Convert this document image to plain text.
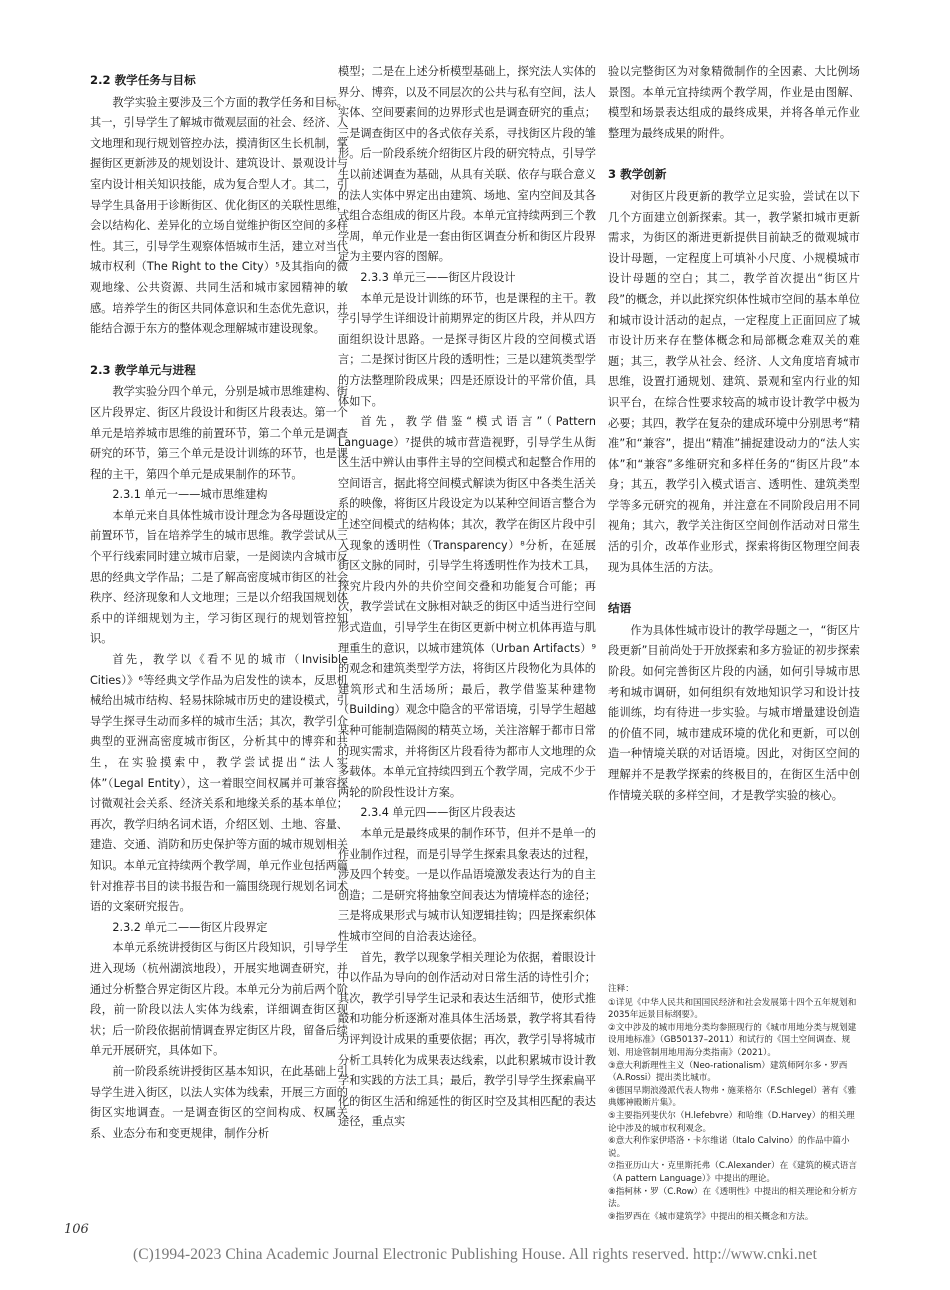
2.2 教学任务与目标

教学实验主要涉及三个方面的教学任务和目标。其一，引导学生了解城市微观层面的社会、经济、人文地理和现行规划管控办法，摸清街区生长机制，掌握街区更新涉及的规划设计、建筑设计、景观设计与室内设计相关知识技能，成为复合型人才。其二，引导学生具备用于诊断街区、优化街区的关联性思维，会以结构化、差异化的立场自觉维护街区空间的多样性。其三，引导学生观察体悟城市生活，建立对当代城市权利（The Right to the City）⁵及其指向的微观地缘、公共资源、共同生活和城市家园精神的敏感。培养学生的街区共同体意识和生态优先意识，并能结合源于东方的整体观念理解城市建设现象。

2.3 教学单元与进程

教学实验分四个单元，分别是城市思维建构、街区片段界定、街区片段设计和街区片段表达。第一个单元是培养城市思维的前置环节，第二个单元是调查研究的环节，第三个单元是设计训练的环节，也是课程的主干，第四个单元是成果制作的环节。

2.3.1 单元一——城市思维建构

本单元来自具体性城市设计理念为各母题设定的前置环节，旨在培养学生的城市思维。教学尝试从三个平行线索同时建立城市启蒙，一是阅读内含城市反思的经典文学作品；二是了解高密度城市街区的社会秩序、经济现象和人文地理；三是以介绍我国规划体系中的详细规划为主，学习街区现行的规划管控知识。

首先，教学以《看不见的城市（Invisible Cities）》⁶等经典文学作品为启发性的读本，反思机械给出城市结构、轻易抹除城市历史的建设模式，引导学生探寻生动而多样的城市生活；其次，教学引介典型的亚洲高密度城市街区，分析其中的博弈和共生，在实验摸索中，教学尝试提出“法人实体”（Legal Entity），这一着眼空间权属并可兼容探讨微观社会关系、经济关系和地缘关系的基本单位；再次，教学归纳名词术语，介绍区划、土地、容量、建造、交通、消防和历史保护等方面的城市规划相关知识。本单元宜持续两个教学周，单元作业包括两篇针对推荐书目的读书报告和一篇围绕现行规划名词术语的文案研究报告。

2.3.2 单元二——街区片段界定

本单元系统讲授街区与街区片段知识，引导学生进入现场（杭州湖滨地段），开展实地调查研究，并通过分析整合界定街区片段。本单元分为前后两个阶段，前一阶段以法人实体为线索，详细调查街区现状；后一阶段依据前情调查界定街区片段，留备后续单元开展研究，具体如下。

前一阶段系统讲授街区基本知识，在此基础上引导学生进入街区，以法人实体为线索，开展三方面的街区实地调查。一是调查街区的空间构成、权属关系、业态分布和变更规律，制作分析

模型；二是在上述分析模型基础上，探究法人实体的界分、博弈，以及不同层次的公共与私有空间，法人实体、空间要素间的边界形式也是调查研究的重点；三是调查街区中的各式依存关系，寻找街区片段的雏形。后一阶段系统介绍街区片段的研究特点，引导学生以前述调查为基础，从具有关联、依存与联合意义的法人实体中界定出由建筑、场地、室内空间及其各式组合态组成的街区片段。本单元宜持续两到三个教学周，单元作业是一套由街区调查分析和街区片段界定为主要内容的图解。

2.3.3 单元三——街区片段设计

本单元是设计训练的环节，也是课程的主干。教学引导学生详细设计前期界定的街区片段，并从四方面组织设计思路。一是探寻街区片段的空间模式语言；二是探讨街区片段的透明性；三是以建筑类型学的方法整理阶段成果；四是还原设计的平常价值，具体如下。

首先，教学借鉴“模式语言”（Pattern Language）⁷提供的城市营造视野，引导学生从街区生活中辨认由事件主导的空间模式和起整合作用的空间语言，据此将空间模式解读为街区中各类生活关系的映像，将街区片段设定为以某种空间语言整合为上述空间模式的结构体；其次，教学在街区片段中引入现象的透明性（Transparency）⁸分析，在延展街区文脉的同时，引导学生将透明性作为技术工具，探究片段内外的共价空间交叠和功能复合可能；再次，教学尝试在文脉相对缺乏的街区中适当进行空间形式造血，引导学生在街区更新中树立机体再造与肌理重生的意识，以城市建筑体（Urban Artifacts）⁹的观念和建筑类型学方法，将街区片段物化为具体的建筑形式和生活场所；最后，教学借鉴某种建物（Building）观念中隐含的平常语境，引导学生超越某种可能制造隔阂的精英立场，关注溶解于都市日常的现实需求，并将街区片段看待为都市人文地理的众多载体。本单元宜持续四到五个教学周，完成不少于两轮的阶段性设计方案。

2.3.4 单元四——街区片段表达

本单元是最终成果的制作环节，但并不是单一的作业制作过程，而是引导学生探索具象表达的过程，涉及四个转变。一是以作品语境激发表达行为的自主创造；二是研究将抽象空间表达为情境样态的途径；三是将成果形式与城市认知逻辑挂钩；四是探索织体性城市空间的自洽表达途径。

首先，教学以现象学相关理论为依据，着眼设计中以作品为导向的创作活动对日常生活的诗性引介；其次，教学引导学生记录和表达生活细节，使形式推敲和功能分析逐渐对准具体生活场景，教学将其看待为评判设计成果的重要依据；再次，教学引导将城市分析工具转化为成果表达线索，以此积累城市设计教学和实践的方法工具；最后，教学引导学生探索扁平化的街区生活和绵延性的街区时空及其相匹配的表达途径，重点实

验以完整街区为对象精微制作的全因素、大比例场景图。本单元宜持续两个教学周，作业是由图解、模型和场景表达组成的最终成果，并将各单元作业整理为最终成果的附件。

3 教学创新

对街区片段更新的教学立足实验，尝试在以下几个方面建立创新探索。其一，教学紧扣城市更新需求，为街区的渐进更新提供目前缺乏的微观城市设计母题，一定程度上可填补小尺度、小规模城市设计母题的空白；其二，教学首次提出“街区片段”的概念，并以此探究织体性城市空间的基本单位和城市设计活动的起点，一定程度上正面回应了城市设计历来存在整体概念和局部概念难双关的难题；其三，教学从社会、经济、人文角度培育城市思维，设置打通规划、建筑、景观和室内行业的知识平台，在综合性要求较高的城市设计教学中极为必要；其四，教学在复杂的建成环境中分别思考“精准”和“兼容”，提出“精准”捕捉建设动力的“法人实体”和“兼容”多维研究和多样任务的“街区片段”本身；其五，教学引入模式语言、透明性、建筑类型学等多元研究的视角，并注意在不同阶段启用不同视角；其六，教学关注街区空间创作活动对日常生活的引介，改革作业形式，探索将街区物理空间表现为具体生活的方法。

结语

作为具体性城市设计的教学母题之一，“街区片段更新”目前尚处于开放探索和多方验证的初步探索阶段。如何完善街区片段的内涵，如何引导城市思考和城市调研，如何组织有效地知识学习和设计技能训练，均有待进一步实验。与城市增量建设创造的价值不同，城市建成环境的优化和更新，可以创造一种情境关联的对话语境。因此，对街区空间的理解并不是教学探索的终极目的，在街区生活中创作情境关联的多样空间，才是教学实验的核心。

注释：
①详见《中华人民共和国国民经济和社会发展第十四个五年规划和2035年远景目标纲要》。
②文中涉及的城市用地分类均参照现行的《城市用地分类与规划建设用地标准》（GB50137–2011）和试行的《国土空间调查、规划、用途管制用地用海分类指南》（2021）。
③意大利新理性主义（Neo-rationalism）建筑师阿尔多・罗西（A.Rossi）提出类比城市。
④德国早期浪漫派代表人物弗・施莱格尔（F.Schlegel）著有《雅典娜神殿断片集》。
⑤主要指列斐伏尔（H.lefebvre）和哈维（D.Harvey）的相关理论中涉及的城市权利观念。
⑥意大利作家伊塔洛・卡尔维诺（Italo Calvino）的作品中篇小说。
⑦指亚历山大・克里斯托弗（C.Alexander）在《建筑的模式语言（A pattern Language）》中提出的理论。
⑧指柯林・罗（C.Row）在《透明性》中提出的相关理论和分析方法。
⑨指罗西在《城市建筑学》中提出的相关概念和方法。
106
(C)1994-2023 China Academic Journal Electronic Publishing House. All rights reserved. http://www.cnki.net
